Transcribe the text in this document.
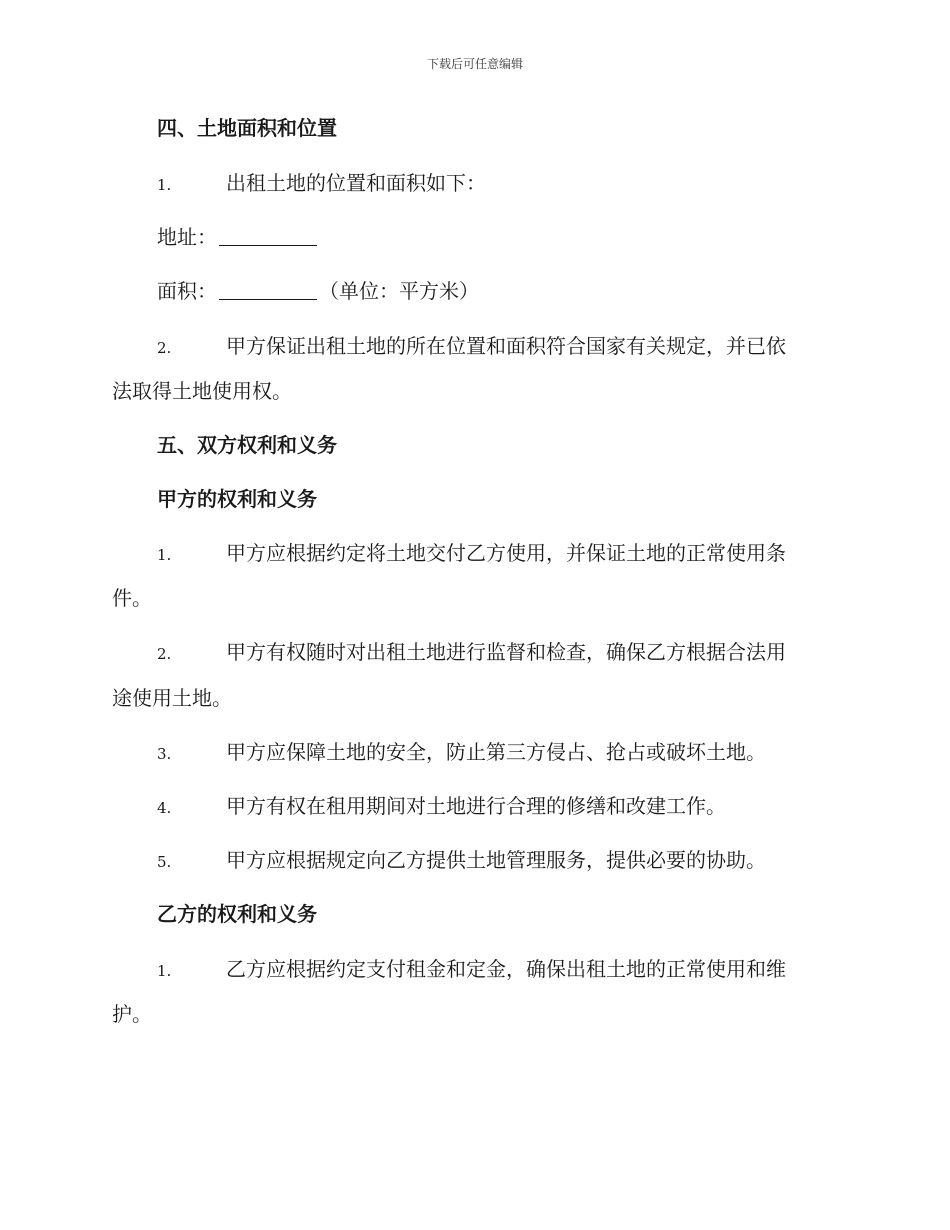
下载后可任意编辑
四、土地面积和位置
1.	出租土地的位置和面积如下：
地址：
面积：	（单位：平方米）
2.	甲方保证出租土地的所在位置和面积符合国家有关规定，并已依
法取得土地使用权。
五、双方权利和义务
甲方的权利和义务
1.	甲方应根据约定将土地交付乙方使用，并保证土地的正常使用条
件。
2.	甲方有权随时对出租土地进行监督和检查，确保乙方根据合法用
途使用土地。
3.	甲方应保障土地的安全，防止第三方侵占、抢占或破坏土地。
4.	甲方有权在租用期间对土地进行合理的修缮和改建工作。
5.	甲方应根据规定向乙方提供土地管理服务，提供必要的协助。
乙方的权利和义务
1.	乙方应根据约定支付租金和定金，确保出租土地的正常使用和维
护。
